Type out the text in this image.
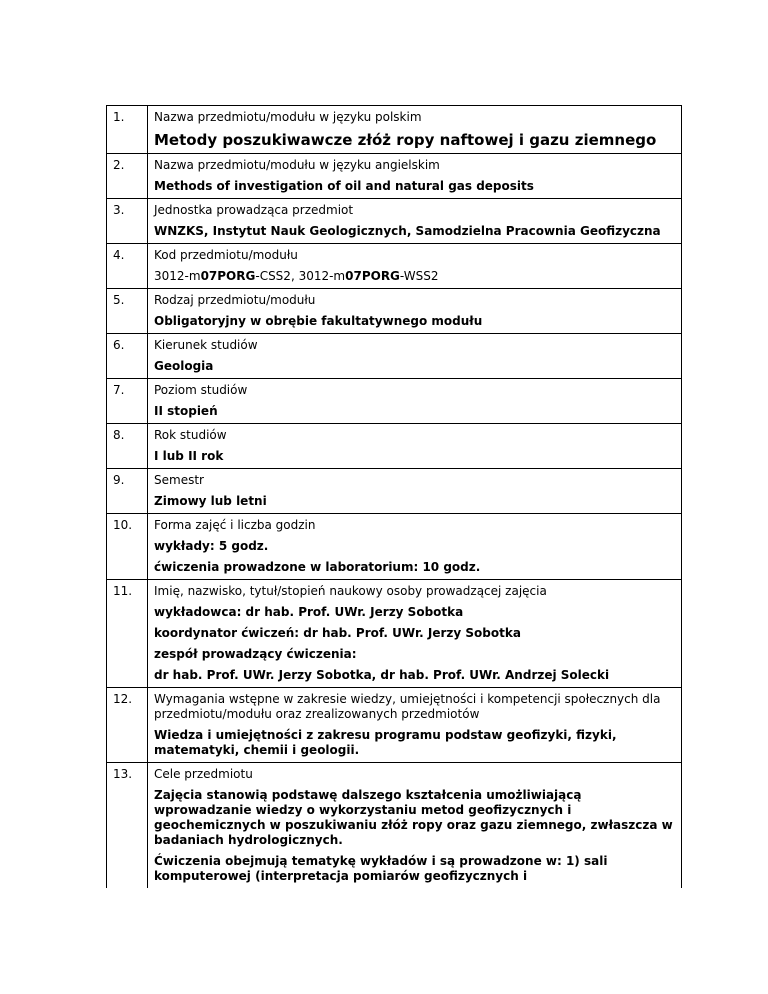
1.	Nazwa przedmiotu/modułu w języku polskim
Metody poszukiwawcze złóż ropy naftowej i gazu ziemnego

2.	Nazwa przedmiotu/modułu w języku angielskim
Methods of investigation of oil and natural gas deposits

3.	Jednostka prowadząca przedmiot
WNZKS, Instytut Nauk Geologicznych, Samodzielna Pracownia Geofizyczna

4.	Kod przedmiotu/modułu
3012-m07PORG-CSS2, 3012-m07PORG-WSS2

5.	Rodzaj przedmiotu/modułu
Obligatoryjny w obrębie fakultatywnego modułu

6.	Kierunek studiów
Geologia

7.	Poziom studiów
II stopień

8.	Rok studiów
I lub II rok

9.	Semestr
Zimowy lub letni

10.	Forma zajęć i liczba godzin
wykłady: 5 godz.
ćwiczenia prowadzone w laboratorium: 10 godz.

11.	Imię, nazwisko, tytuł/stopień naukowy osoby prowadzącej zajęcia
wykładowca: dr hab. Prof. UWr. Jerzy Sobotka
koordynator ćwiczeń: dr hab. Prof. UWr. Jerzy Sobotka
zespół prowadzący ćwiczenia:
dr hab. Prof. UWr. Jerzy Sobotka, dr hab. Prof. UWr. Andrzej Solecki

12.	Wymagania wstępne w zakresie wiedzy, umiejętności i kompetencji społecznych dla przedmiotu/modułu oraz zrealizowanych przedmiotów
Wiedza i umiejętności z zakresu programu podstaw geofizyki, fizyki, matematyki, chemii i geologii.

13.	Cele przedmiotu
Zajęcia stanowią podstawę dalszego kształcenia umożliwiającą wprowadzanie wiedzy o wykorzystaniu metod geofizycznych i geochemicznych w poszukiwaniu złóż ropy oraz gazu ziemnego, zwłaszcza w badaniach hydrologicznych.
Ćwiczenia obejmują tematykę wykładów i są prowadzone w: 1) sali komputerowej (interpretacja pomiarów geofizycznych i
